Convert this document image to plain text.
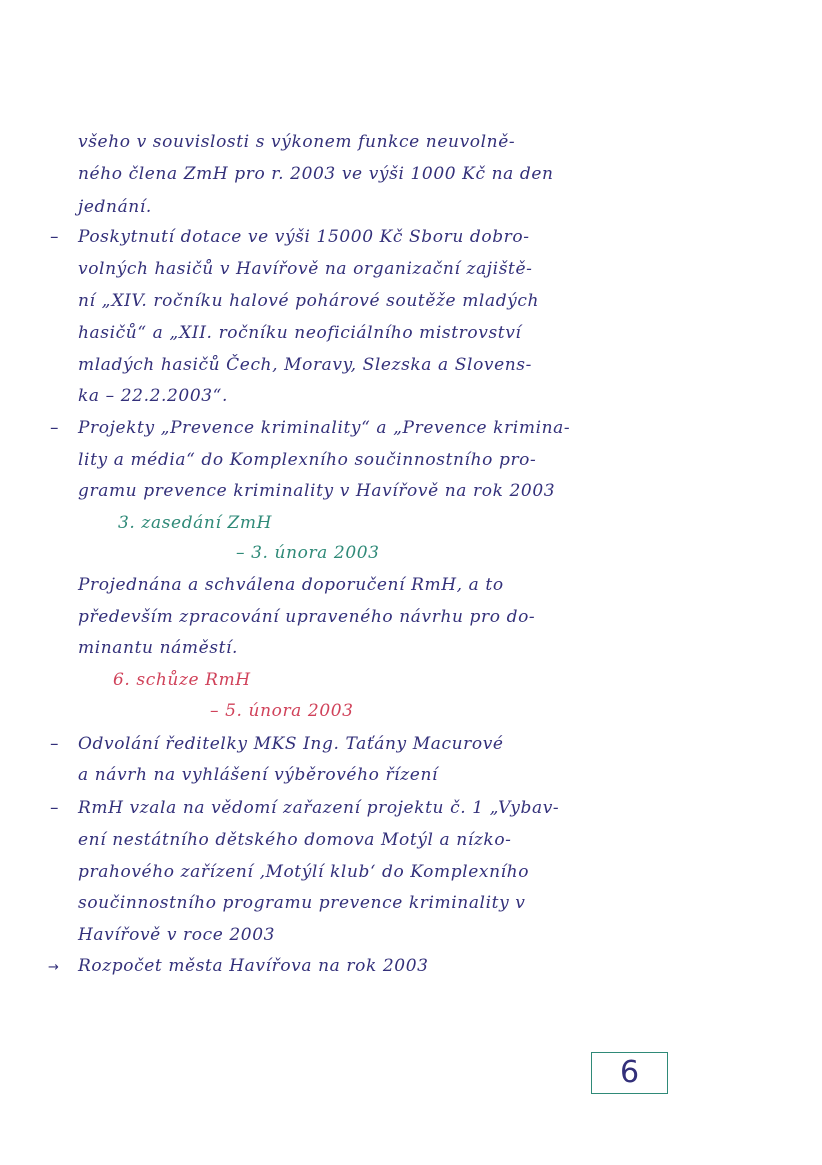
všeho v souvislosti s výkonem funkce neuvolně-
ného člena ZmH pro r. 2003 ve výši 1000 Kč na den
jednání.
– Poskytnutí dotace ve výši 15000 Kč Sboru dobro-
volných hasičů v Havířově na organizační zajiště-
ní „XIV. ročníku halové pohárové soutěže mladých
hasičů“ a „XII. ročníku neoficiálního mistrovství
mladých hasičů Čech, Moravy, Slezska a Slovens-
ka – 22.2.2003“.
– Projekty „Prevence kriminality“ a „Prevence krimina-
lity a média“ do Komplexního součinnostního pro-
gramu prevence kriminality v Havířově na rok 2003
3. zasedání ZmH
– 3. února 2003
Projednána a schválena doporučení RmH, a to
především zpracování upraveného návrhu pro do-
minantu náměstí.
6. schůze RmH
– 5. února 2003
– Odvolání ředitelky MKS Ing. Taťány Macurové
a návrh na vyhlášení výběrového řízení
– RmH vzala na vědomí zařazení projektu č. 1 „Vybav-
ení nestátního dětského domova Motýl a nízko-
prahového zařízení ‚Motýlí klub‘ do Komplexního
součinnostního programu prevence kriminality v
Havířově v roce 2003
→ Rozpočet města Havířova na rok 2003
6
